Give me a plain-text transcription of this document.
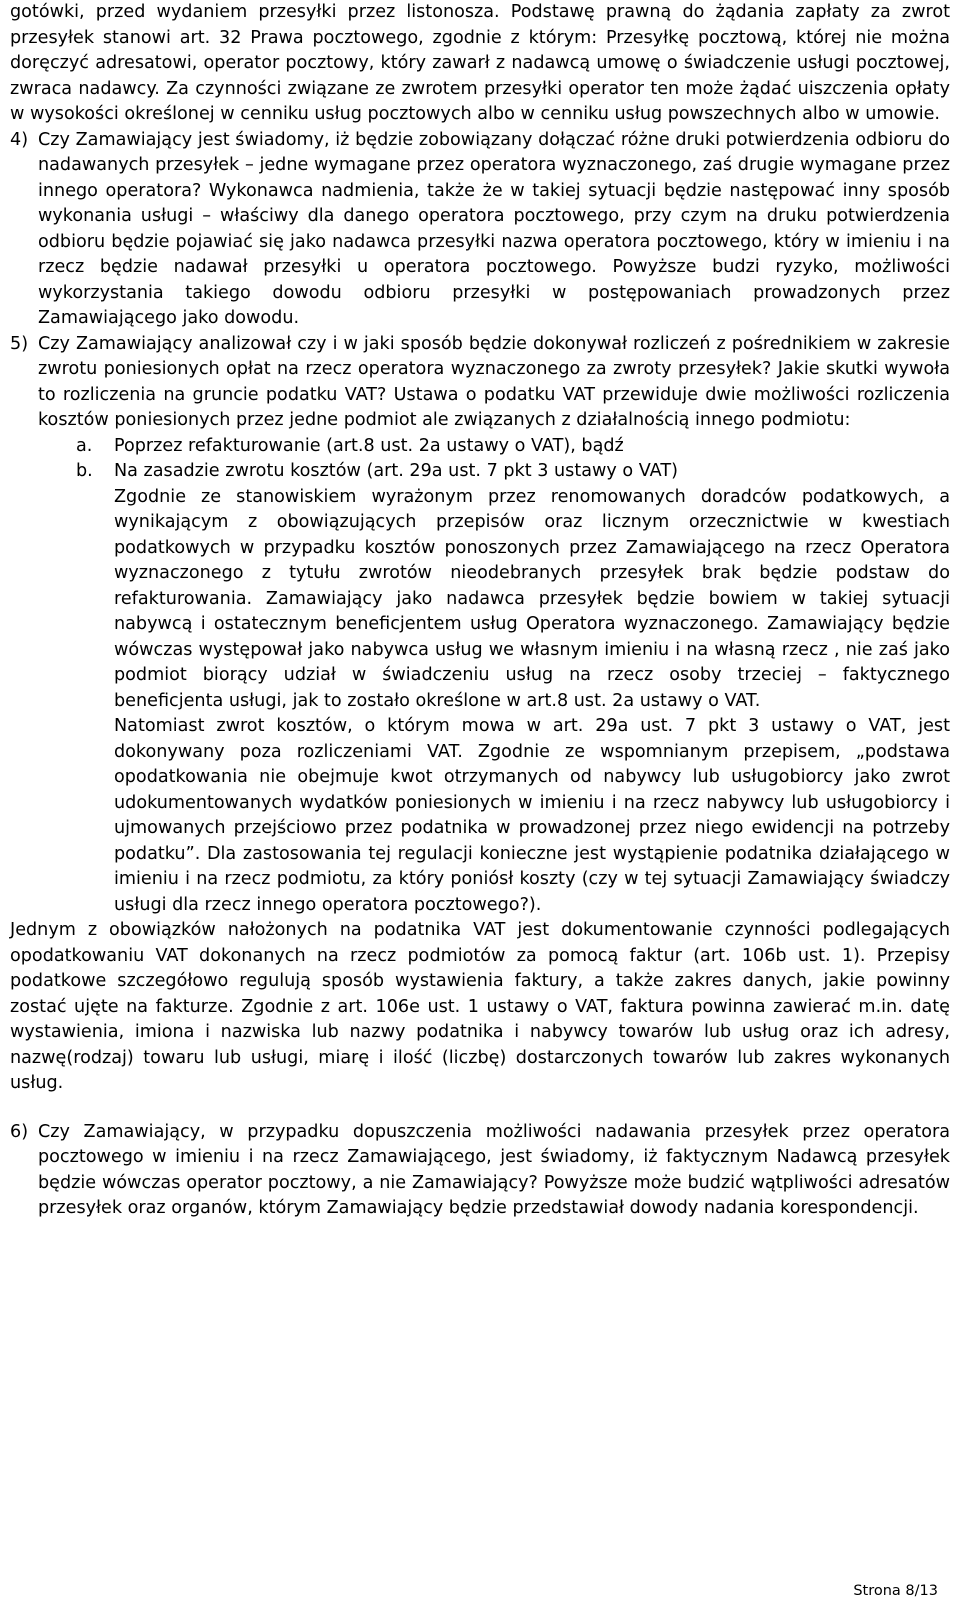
gotówki, przed wydaniem przesyłki przez listonosza. Podstawę prawną do żądania zapłaty za zwrot przesyłek stanowi art. 32 Prawa pocztowego, zgodnie z którym: Przesyłkę pocztową, której nie można doręczyć adresatowi, operator pocztowy, który zawarł z nadawcą umowę o świadczenie usługi pocztowej, zwraca nadawcy. Za czynności związane ze zwrotem przesyłki operator ten może żądać uiszczenia opłaty w wysokości określonej w cenniku usług pocztowych albo w cenniku usług powszechnych albo w umowie.

4) Czy Zamawiający jest świadomy, iż będzie zobowiązany dołączać różne druki potwierdzenia odbioru do nadawanych przesyłek – jedne wymagane przez operatora wyznaczonego, zaś drugie wymagane przez innego operatora? Wykonawca nadmienia, także że w takiej sytuacji będzie następować inny sposób wykonania usługi – właściwy dla danego operatora pocztowego, przy czym na druku potwierdzenia odbioru będzie pojawiać się jako nadawca przesyłki nazwa operatora pocztowego, który w imieniu i na rzecz będzie nadawał przesyłki u operatora pocztowego. Powyższe budzi ryzyko, możliwości wykorzystania takiego dowodu odbioru przesyłki w postępowaniach prowadzonych przez Zamawiającego jako dowodu.

5) Czy Zamawiający analizował czy i w jaki sposób będzie dokonywał rozliczeń z pośrednikiem w zakresie zwrotu poniesionych opłat na rzecz operatora wyznaczonego za zwroty przesyłek? Jakie skutki wywoła to rozliczenia na gruncie podatku VAT? Ustawa o podatku VAT przewiduje dwie możliwości rozliczenia kosztów poniesionych przez jedne podmiot ale związanych z działalnością innego podmiotu:

a.	Poprzez refakturowanie (art.8 ust. 2a ustawy o VAT), bądź

b.	Na zasadzie zwrotu kosztów (art. 29a ust. 7 pkt 3 ustawy o VAT)

Zgodnie ze stanowiskiem wyrażonym przez renomowanych doradców podatkowych, a wynikającym z obowiązujących przepisów oraz licznym orzecznictwie w kwestiach podatkowych w przypadku kosztów ponoszonych przez Zamawiającego na rzecz Operatora wyznaczonego z tytułu zwrotów nieodebranych przesyłek brak będzie podstaw do refakturowania. Zamawiający jako nadawca przesyłek będzie bowiem w takiej sytuacji nabywcą i ostatecznym beneficjentem usług Operatora wyznaczonego. Zamawiający będzie wówczas występował jako nabywca usług we własnym imieniu i na własną rzecz , nie zaś jako podmiot biorący udział w świadczeniu usług na rzecz osoby trzeciej – faktycznego beneficjenta usługi, jak to zostało określone w art.8 ust. 2a ustawy o VAT.

Natomiast zwrot kosztów, o którym mowa w art. 29a ust. 7 pkt 3 ustawy o VAT, jest dokonywany poza rozliczeniami VAT. Zgodnie ze wspomnianym przepisem, „podstawa opodatkowania nie obejmuje kwot otrzymanych od nabywcy lub usługobiorcy jako zwrot udokumentowanych wydatków poniesionych w imieniu i na rzecz nabywcy lub usługobiorcy i ujmowanych przejściowo przez podatnika w prowadzonej przez niego ewidencji na potrzeby podatku”. Dla zastosowania tej regulacji konieczne jest wystąpienie podatnika działającego w imieniu i na rzecz podmiotu, za który poniósł koszty (czy w tej sytuacji Zamawiający świadczy usługi dla rzecz innego operatora pocztowego?).

Jednym z obowiązków nałożonych na podatnika VAT jest dokumentowanie czynności podlegających opodatkowaniu VAT dokonanych na rzecz podmiotów za pomocą faktur (art. 106b ust. 1). Przepisy podatkowe szczegółowo regulują sposób wystawienia faktury, a także zakres danych, jakie powinny zostać ujęte na fakturze. Zgodnie z art. 106e ust. 1 ustawy o VAT, faktura powinna zawierać m.in. datę wystawienia, imiona i nazwiska lub nazwy podatnika i nabywcy towarów lub usług oraz ich adresy, nazwę(rodzaj) towaru lub usługi, miarę i ilość (liczbę) dostarczonych towarów lub zakres wykonanych usług.

6) Czy Zamawiający, w przypadku dopuszczenia możliwości nadawania przesyłek przez operatora pocztowego w imieniu i na rzecz Zamawiającego, jest świadomy, iż faktycznym Nadawcą przesyłek będzie wówczas operator pocztowy, a nie Zamawiający? Powyższe może budzić wątpliwości adresatów przesyłek oraz organów, którym Zamawiający będzie przedstawiał dowody nadania korespondencji.

Strona 8/13
